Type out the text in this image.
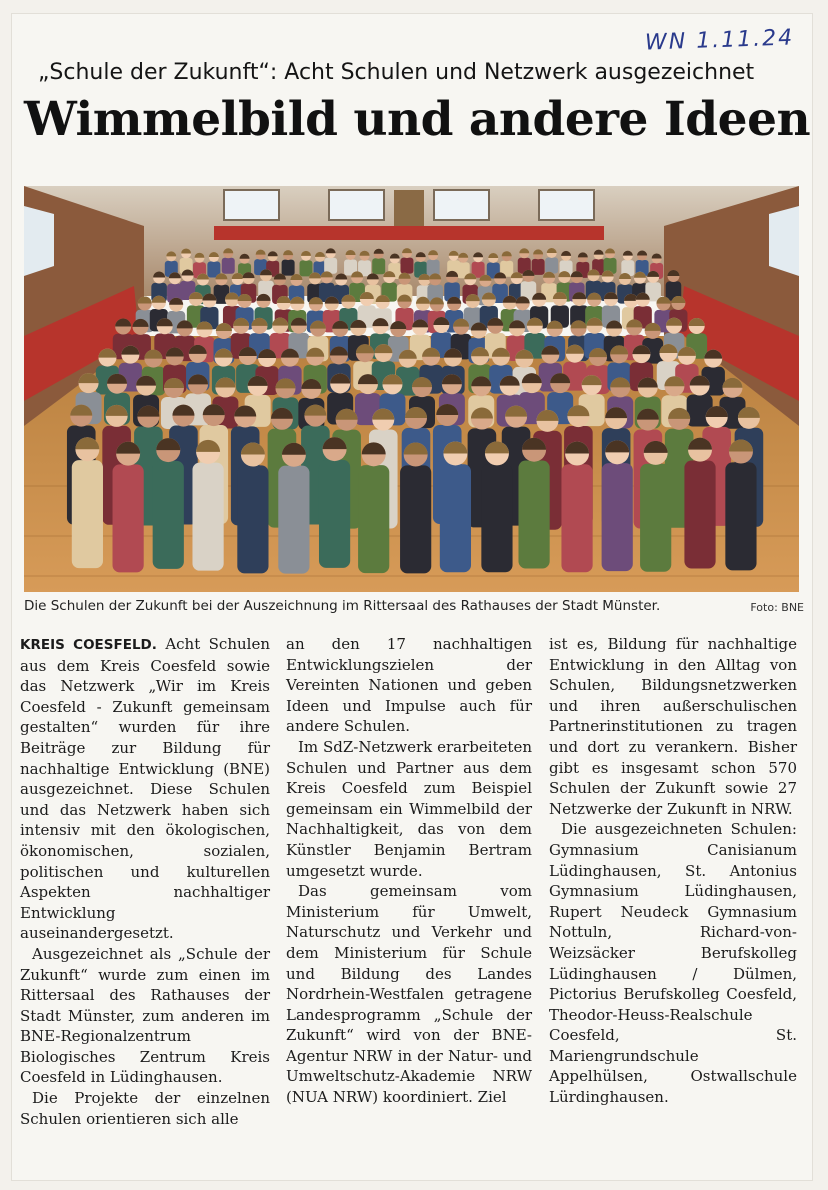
WN 1.11.24
„Schule der Zukunft“: Acht Schulen und Netzwerk ausgezeichnet
Wimmelbild und andere Ideen
Die Schulen der Zukunft bei der Auszeichnung im Rittersaal des Rathauses der Stadt Münster.	Foto: BNE

KREIS COESFELD. Acht Schulen aus dem Kreis Coesfeld sowie das Netzwerk „Wir im Kreis Coesfeld - Zukunft gemeinsam gestalten“ wurden für ihre Beiträge zur Bildung für nachhaltige Entwicklung (BNE) ausgezeichnet. Diese Schulen und das Netzwerk haben sich intensiv mit den ökologischen, ökonomischen, sozialen, politischen und kulturellen Aspekten nachhaltiger Entwicklung auseinandergesetzt.

Ausgezeichnet als „Schule der Zukunft“ wurde zum einen im Rittersaal des Rathauses der Stadt Münster, zum anderen im BNE-Regionalzentrum Biologisches Zentrum Kreis Coesfeld in Lüdinghausen.

Die Projekte der einzelnen Schulen orientieren sich alle

an den 17 nachhaltigen Entwicklungszielen der Vereinten Nationen und geben Ideen und Impulse auch für andere Schulen.

Im SdZ-Netzwerk erarbeiteten Schulen und Partner aus dem Kreis Coesfeld zum Beispiel gemeinsam ein Wimmelbild der Nachhaltigkeit, das von dem Künstler Benjamin Bertram umgesetzt wurde.

Das gemeinsam vom Ministerium für Umwelt, Naturschutz und Verkehr und dem Ministerium für Schule und Bildung des Landes Nordrhein-Westfalen getragene Landesprogramm „Schule der Zukunft“ wird von der BNE-Agentur NRW in der Natur- und Umweltschutz-Akademie NRW (NUA NRW) koordiniert. Ziel

ist es, Bildung für nachhaltige Entwicklung in den Alltag von Schulen, Bildungsnetzwerken und ihren außerschulischen Partnerinstitutionen zu tragen und dort zu verankern. Bisher gibt es insgesamt schon 570 Schulen der Zukunft sowie 27 Netzwerke der Zukunft in NRW.

Die ausgezeichneten Schulen: Gymnasium Canisianum Lüdinghausen, St. Antonius Gymnasium Lüdinghausen, Rupert Neudeck Gymnasium Nottuln, Richard-von-Weizsäcker Berufskolleg Lüdinghausen / Dülmen, Pictorius Berufskolleg Coesfeld, Theodor-Heuss-Realschule Coesfeld, St. Mariengrundschule Appelhülsen, Ostwallschule Lürdinghausen.
